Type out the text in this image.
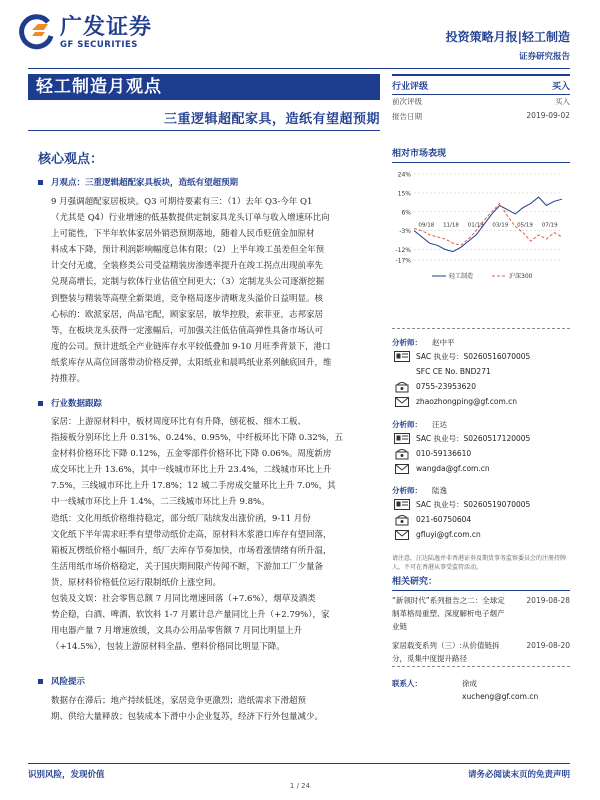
广发证券
GF SECURITIES
投资策略月报|轻工制造
证券研究报告
轻工制造月观点
三重逻辑超配家具，造纸有望超预期
核心观点：
月观点：三重逻辑超配家具板块，造纸有望超预期
9 月强调超配家居板块。Q3 可期待要素有三：（1）去年 Q3-今年 Q1
（尤其是 Q4）行业增速的低基数提供定制家具龙头订单与收入增速环比向
上可能性，下半年软体家居外销恐预期落地，随着人民币贬值金加原材
料成本下降，预计利润影响幅度总体有限；（2）上半年竣工虽差但全年预
计交付无虞，全装修类公司受益精装房渗透率提升在竣工拐点出现前率先
兑现高增长，定制与软体行业估值空间更大；（3）定制龙头公司逐渐挖掘
到整装与精装等高壁全新渠道，竞争格局逐步清晰龙头溢价日益明显。核
心标的：欧派家居，尚品宅配，顾家家居，敏华控股，索菲亚，志邦家居
等，在板块龙头获得一定涨幅后，可加强关注低估值高弹性具备市场认可
度的公司。预计进纸全产业链库存水平较低叠加 9-10 月旺季背景下，港口
纸浆库存从高位回落带动价格反弹，太阳纸业和晨鸣纸业系列触底回升，维
持推荐。
行业数据跟踪
家居：上游原材料中，板材周度环比有有升降，刨花板、细木工板、
指接板分别环比上升 0.31%、0.24%、0.95%，中纤板环比下降 0.32%，五
金材料价格环比下降 0.12%，五金零部件价格环比下降 0.06%。周度新房
成交环比上升 13.6%，其中一线城市环比上升 23.4%，二线城市环比上升
7.5%，三线城市环比上升 17.8%；12 城二手房成交量环比上升 7.0%，其
中一线城市环比上升 1.4%，二三线城市环比上升 9.8%。
造纸：文化用纸价格维持稳定，部分纸厂陆续发出涨价函，9-11 月份
文化纸下半年需求旺季有望带动纸价走高，原材料木浆港口库存有望回落，
箱板瓦楞纸价格小幅回升，纸厂去库存节奏加快，市场看涨情绪有所升温，
生活用纸市场价格稳定，关于国庆期间限产传闻不断，下游加工厂少量备
货，原材料价格低位运行限制纸价上涨空间。
包装及文娱：社会零售总额 7 月同比增速回落（+7.6%），烟草及酒类
势企稳，白酒、啤酒、软饮料 1-7 月累计总产量同比上升（+2.79%），家
用电器产量 7 月增速放缓，文具办公用品零售额 7 月同比明显上升
（+14.5%），包装上游原材料全晶、塑料价格同比明显下降。
风险提示
数据存在滞后；地产持续低迷，家居竞争更激烈；造纸需求下滑超预
期、供给大量释放；包装成本下滑中小企业复苏，经济下行外包量减少。
行业评级	买入
前次评级	买入
报告日期	2019-09-02
相对市场表现
24%
15%
6%
-3%
-12%
-17%
09/18 11/18 01/19 03/19 05/19 07/19
轻工制造	沪深300
分析师：	赵中平
SAC 执业号：S0260516070005
SFC CE No. BND271
0755-23953620
zhaozhongping@gf.com.cn
分析师：	汪达
SAC 执业号：S0260517120005
010-59136610
wangda@gf.com.cn
分析师：	陆逸
SAC 执业号：S0260519070005
021-60750604
gfluyi@gf.com.cn
请注意，汪达陆逸并非香港证券及期货事务监察委员会的注册持牌人，不可在香港从事受监管活动。
相关研究：
“新领时代”系列报告之二：全球定制革格局重塑、深度解析电子烟产业链
2019-08-28
家居载变系列（三）:从价值链拆分，觅集中度提升路径
2019-08-20
联系人：	徐成
xucheng@gf.com.cn
识别风险，发现价值	请务必阅读末页的免责声明
1 / 24
